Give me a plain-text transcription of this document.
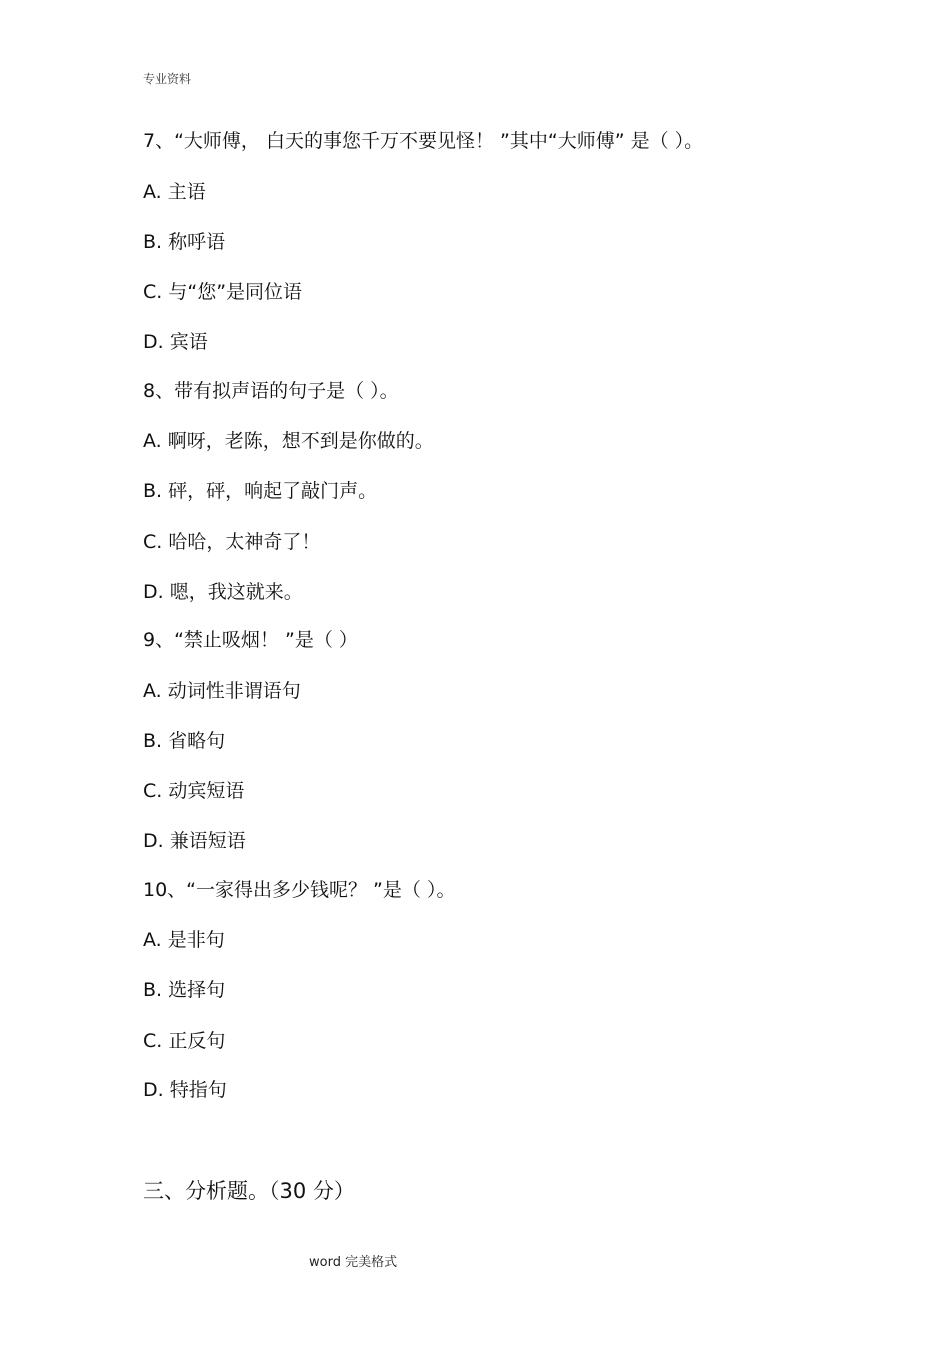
专业资料
7、“大师傅， 白天的事您千万不要见怪！ ”其中“大师傅” 是（ ）。
A. 主语
B. 称呼语
C. 与“您”是同位语
D. 宾语
8、带有拟声语的句子是（ ）。
A. 啊呀，老陈，想不到是你做的。
B. 砰，砰，响起了敲门声。
C. 哈哈，太神奇了！
D. 嗯，我这就来。
9、“禁止吸烟！ ”是（ ）
A. 动词性非谓语句
B. 省略句
C. 动宾短语
D. 兼语短语
10、“一家得出多少钱呢？ ”是（ ）。
A. 是非句
B. 选择句
C. 正反句
D. 特指句
三、分析题。（30 分）
word 完美格式
